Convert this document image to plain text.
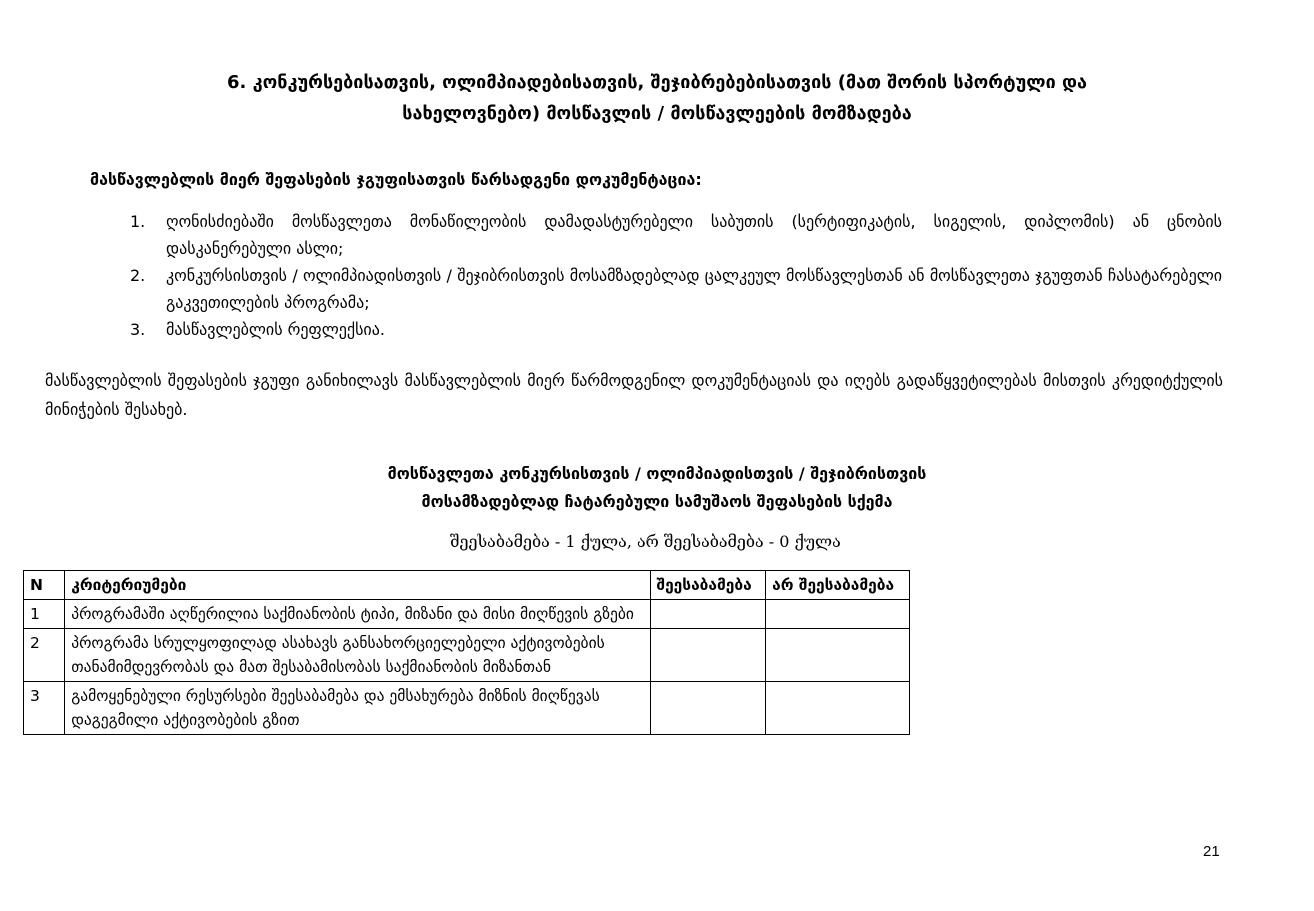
6. კონკურსებისათვის, ოლიმპიადებისათვის, შეჯიბრებებისათვის (მათ შორის სპორტული და
სახელოვნებო) მოსწავლის / მოსწავლეების მომზადება

მასწავლებლის მიერ შეფასების ჯგუფისათვის წარსადგენი დოკუმენტაცია:

1.	ღონისძიებაში მოსწავლეთა მონაწილეობის დამადასტურებელი საბუთის (სერტიფიკატის, სიგელის, დიპლომის) ან ცნობის დასკანერებული ასლი;
2.	კონკურსისთვის / ოლიმპიადისთვის / შეჯიბრისთვის მოსამზადებლად ცალკეულ მოსწავლესთან ან მოსწავლეთა ჯგუფთან ჩასატარებელი გაკვეთილების პროგრამა;
3.	მასწავლებლის რეფლექსია.

მასწავლებლის შეფასების ჯგუფი განიხილავს მასწავლებლის მიერ წარმოდგენილ დოკუმენტაციას და იღებს გადაწყვეტილებას მისთვის კრედიტქულის მინიჭების შესახებ.

მოსწავლეთა კონკურსისთვის / ოლიმპიადისთვის / შეჯიბრისთვის

მოსამზადებლად ჩატარებული სამუშაოს შეფასების სქემა

შეესაბამება - 1 ქულა, არ შეესაბამება - 0 ქულა

N	კრიტერიუმები	შეესაბამება	არ შეესაბამება
1	პროგრამაში აღწერილია საქმიანობის ტიპი, მიზანი და მისი მიღწევის გზები		
2	პროგრამა სრულყოფილად ასახავს განსახორციელებელი აქტივობების თანამიმდევრობას და მათ შესაბამისობას საქმიანობის მიზანთან		
3	გამოყენებული რესურსები შეესაბამება და ემსახურება მიზნის მიღწევას დაგეგმილი აქტივობების გზით		
21
